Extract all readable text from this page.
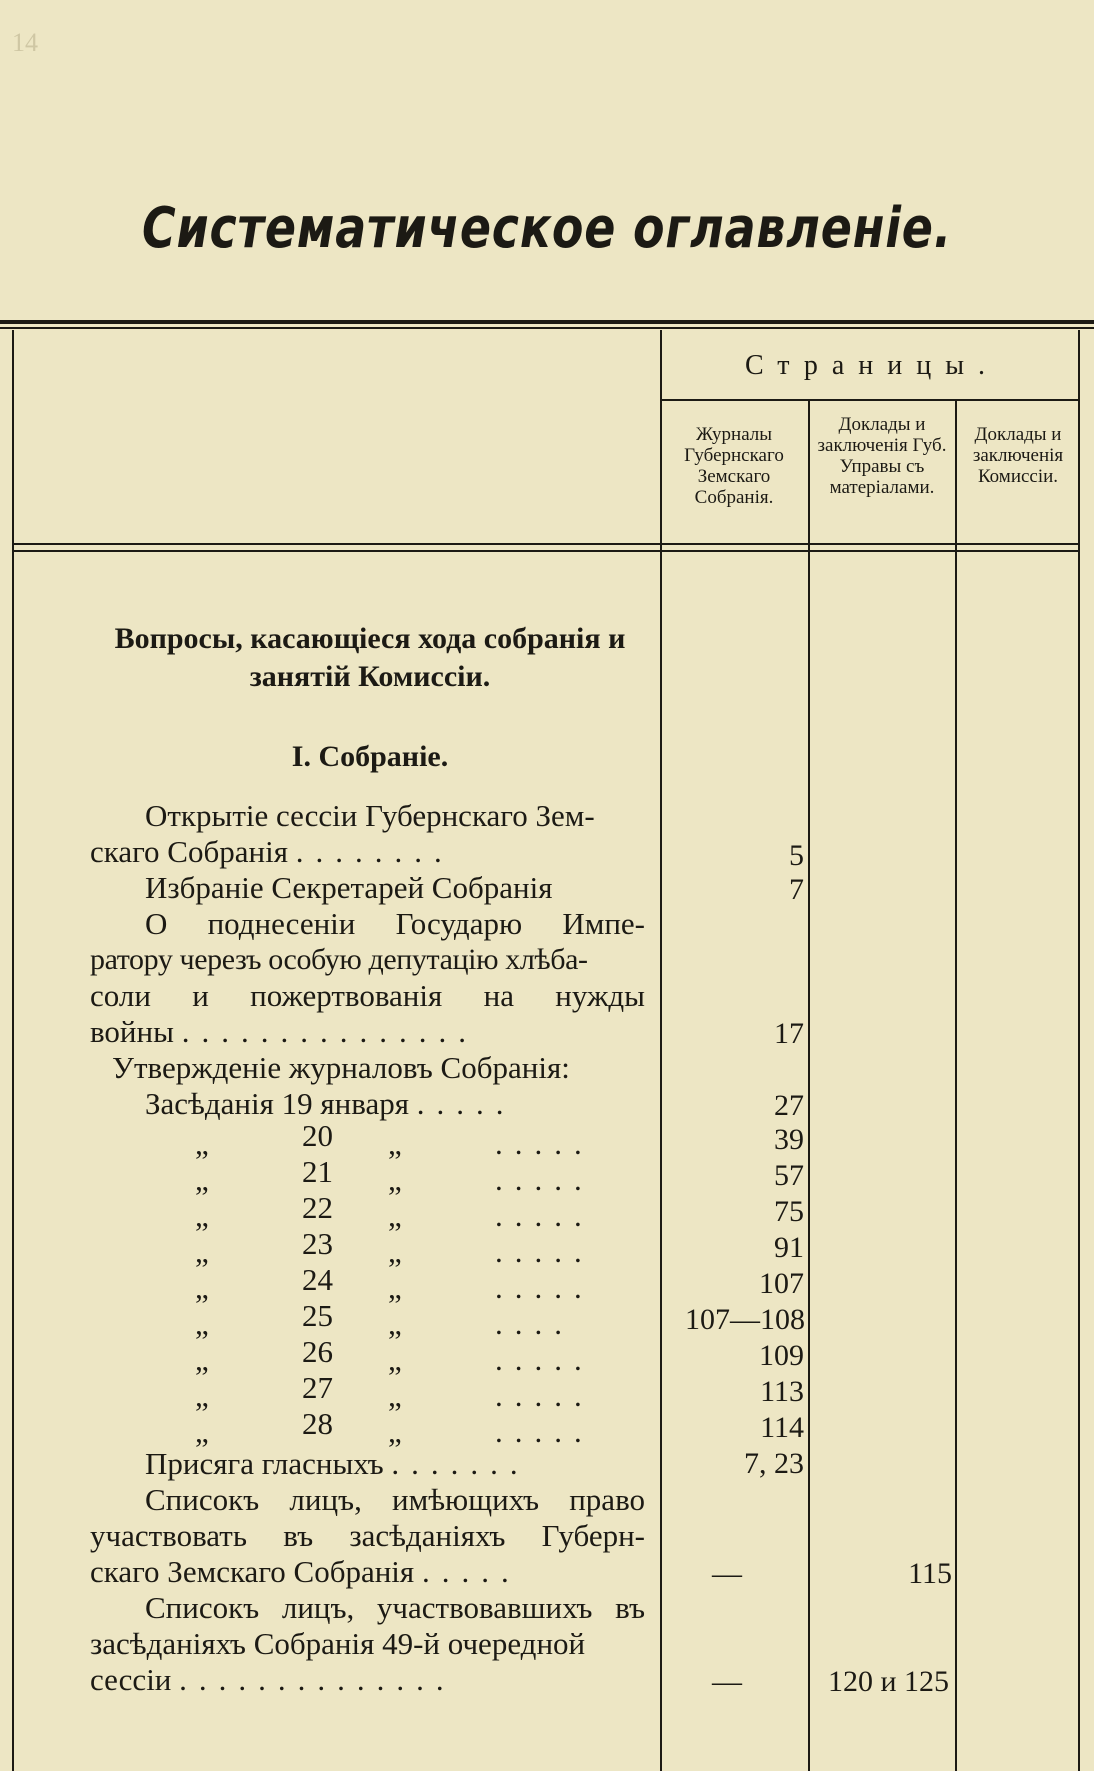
14
Систематическое оглавленіе.
Страницы.
Журналы Губернскаго Земскаго Собранія.
Доклады и заключенія Губ. Управы съ матеріалами.
Доклады и заключенія Комиссіи.
Вопросы, касающіеся хода собранія и занятій Комиссіи.
I. Собраніе.
Открытіе сессіи Губернскаго Зем-
скаго Собранія ........	5
Избраніе Секретарей Собранія	7
О поднесеніи Государю Импе-
ратору черезъ особую депутацію хлѣба-
соли и пожертвованія на нужды
войны ...............	17
Утвержденіе журналовъ Собранія:
Засѣданія 19 января .....	27
„	20 „	.....	39
„	21 „	.....	57
„	22 „	.....	75
„	23 „	.....	91
„	24 „	.....	107
„	25 „	....	107—108
„	26 „	.....	109
„	27 „	.....	113
„	28 „	.....	114
Присяга гласныхъ .......	7, 23
Списокъ лицъ, имѣющихъ право
участвовать въ засѣданіяхъ Губерн-
скаго Земскаго Собранія .....	—	115
Списокъ лицъ, участвовавшихъ въ
засѣданіяхъ Собранія 49-й очередной
сессіи ..............	—	120 и 125
